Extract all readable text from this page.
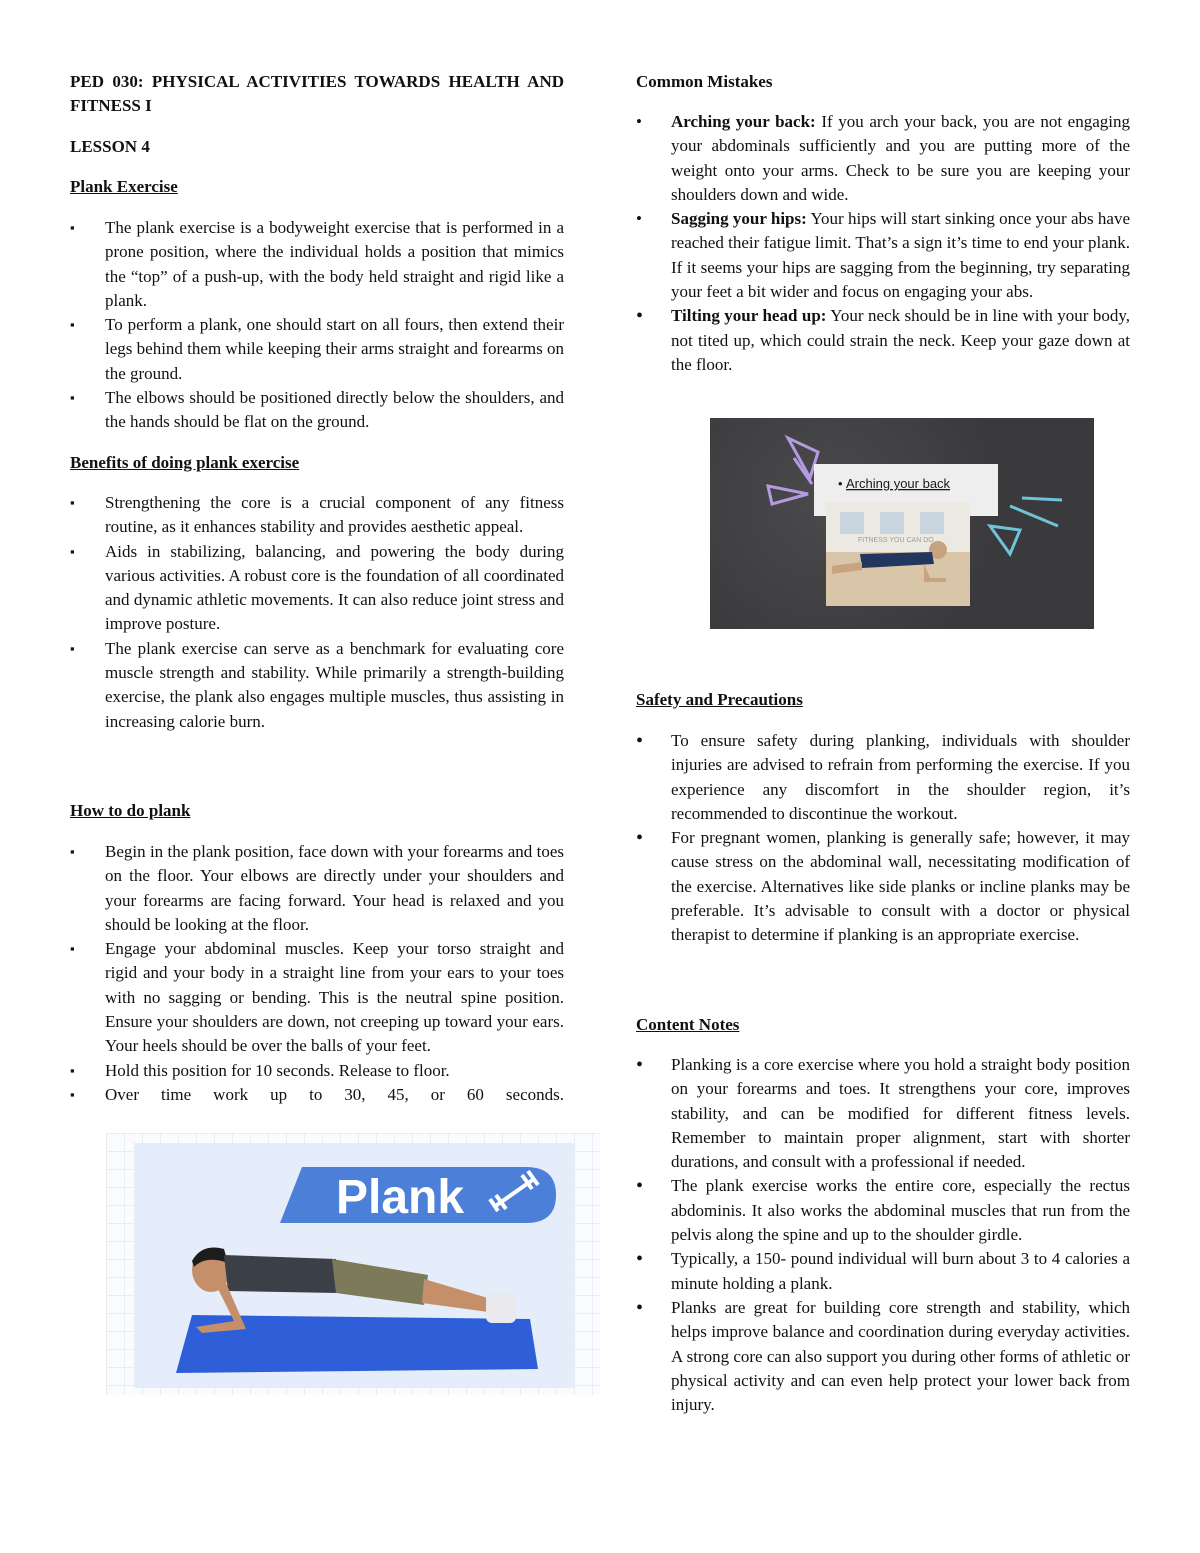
PED 030: PHYSICAL ACTIVITIES TOWARDS HEALTH AND FITNESS I

LESSON 4

Plank Exercise

▪	The plank exercise is a bodyweight exercise that is performed in a prone position, where the individual holds a position that mimics the “top” of a push-up, with the body held straight and rigid like a plank.
▪	To perform a plank, one should start on all fours, then extend their legs behind them while keeping their arms straight and forearms on the ground.
▪	The elbows should be positioned directly below the shoulders, and the hands should be flat on the ground.

Benefits of doing plank exercise

▪	Strengthening the core is a crucial component of any fitness routine, as it enhances stability and provides aesthetic appeal.
▪	Aids in stabilizing, balancing, and powering the body during various activities. A robust core is the foundation of all coordinated and dynamic athletic movements. It can also reduce joint stress and improve posture.
▪	The plank exercise can serve as a benchmark for evaluating core muscle strength and stability. While primarily a strength-building exercise, the plank also engages multiple muscles, thus assisting in increasing calorie burn.

How to do plank

▪	Begin in the plank position, face down with your forearms and toes on the floor. Your elbows are directly under your shoulders and your forearms are facing forward. Your head is relaxed and you should be looking at the floor.
▪	Engage your abdominal muscles. Keep your torso straight and rigid and your body in a straight line from your ears to your toes with no sagging or bending. This is the neutral spine position. Ensure your shoulders are down, not creeping up toward your ears. Your heels should be over the balls of your feet.
▪	Hold this position for 10 seconds. Release to floor.
▪	Over time work up to 30, 45, or 60 seconds.
Plank

Common Mistakes

•	Arching your back: If you arch your back, you are not engaging your abdominals sufficiently and you are putting more of the weight onto your arms. Check to be sure you are keeping your shoulders down and wide.
•	Sagging your hips: Your hips will start sinking once your abs have reached their fatigue limit. That’s a sign it’s time to end your plank. If it seems your hips are sagging from the beginning, try separating your feet a bit wider and focus on engaging your abs.
•	Tilting your head up: Your neck should be in line with your body, not tited up, which could strain the neck. Keep your gaze down at the floor.
Arching your back
•
FITNESS YOU CAN DO

Safety and Precautions

•	To ensure safety during planking, individuals with shoulder injuries are advised to refrain from performing the exercise. If you experience any discomfort in the shoulder region, it’s recommended to discontinue the workout.
•	For pregnant women, planking is generally safe; however, it may cause stress on the abdominal wall, necessitating modification of the exercise. Alternatives like side planks or incline planks may be preferable. It’s advisable to consult with a doctor or physical therapist to determine if planking is an appropriate exercise.

Content Notes

•	Planking is a core exercise where you hold a straight body position on your forearms and toes. It strengthens your core, improves stability, and can be modified for different fitness levels. Remember to maintain proper alignment, start with shorter durations, and consult with a professional if needed.
•	The plank exercise works the entire core, especially the rectus abdominis. It also works the abdominal muscles that run from the pelvis along the spine and up to the shoulder girdle.
•	Typically, a 150- pound individual will burn about 3 to 4 calories a minute holding a plank.
•	Planks are great for building core strength and stability, which helps improve balance and coordination during everyday activities. A strong core can also support you during other forms of athletic or physical activity and can even help protect your lower back from injury.
